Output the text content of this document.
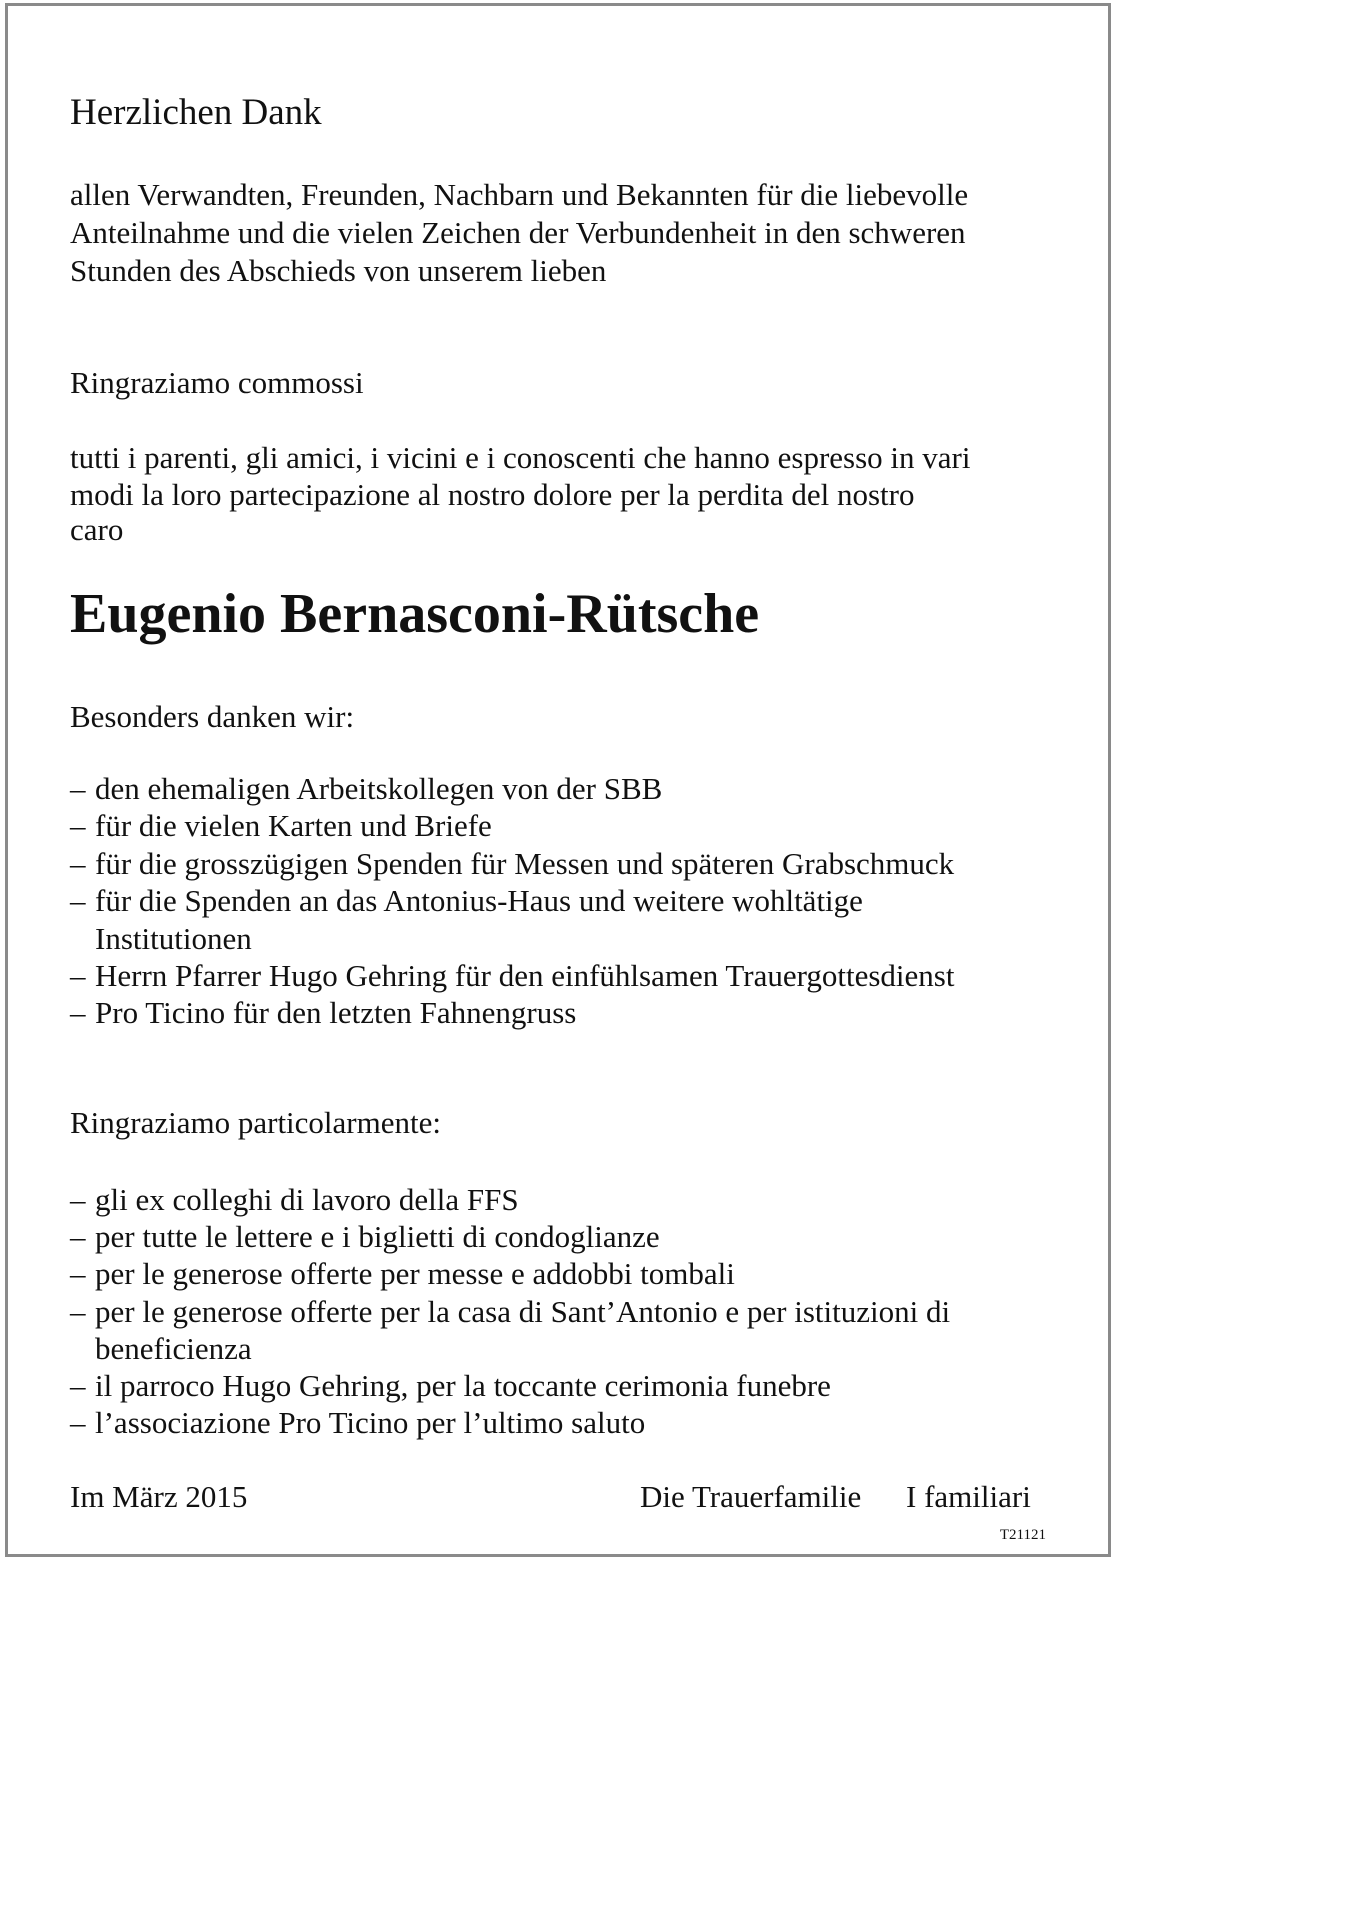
Herzlichen Dank
allen Verwandten, Freunden, Nachbarn und Bekannten für die liebevolle
Anteilnahme und die vielen Zeichen der Verbundenheit in den schweren
Stunden des Abschieds von unserem lieben
Ringraziamo commossi
tutti i parenti, gli amici, i vicini e i conoscenti che hanno espresso in vari
modi la loro partecipazione al nostro dolore per la perdita del nostro
caro
Eugenio Bernasconi-Rütsche
Besonders danken wir:
– den ehemaligen Arbeitskollegen von der SBB
– für die vielen Karten und Briefe
– für die grosszügigen Spenden für Messen und späteren Grabschmuck
– für die Spenden an das Antonius-Haus und weitere wohltätige
Institutionen
– Herrn Pfarrer Hugo Gehring für den einfühlsamen Trauergottesdienst
– Pro Ticino für den letzten Fahnengruss
Ringraziamo particolarmente:
– gli ex colleghi di lavoro della FFS
– per tutte le lettere e i biglietti di condoglianze
– per le generose offerte per messe e addobbi tombali
– per le generose offerte per la casa di Sant’Antonio e per istituzioni di
beneficienza
– il parroco Hugo Gehring, per la toccante cerimonia funebre
– l’associazione Pro Ticino per l’ultimo saluto
Im März 2015	Die Trauerfamilie I familiari
T21121
